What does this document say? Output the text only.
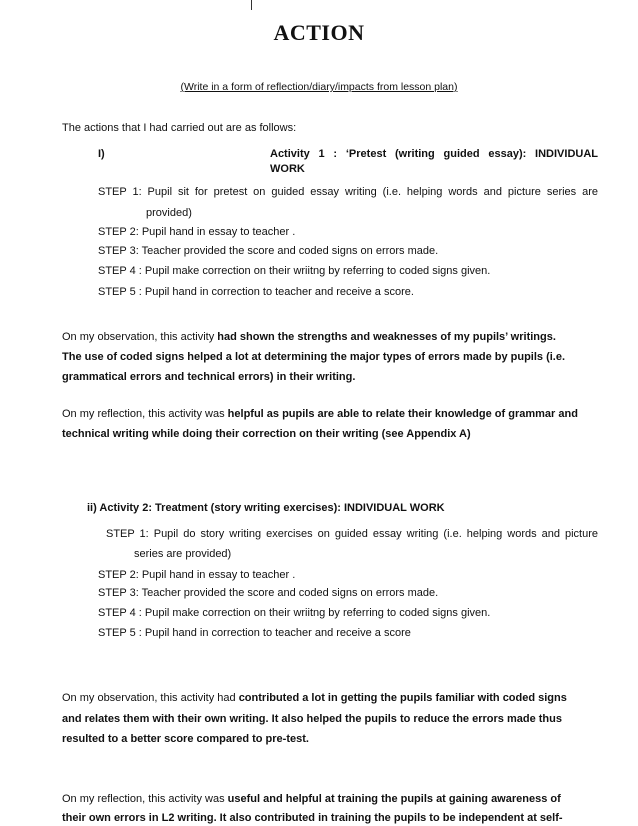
ACTION
(Write in a form of reflection/diary/impacts from lesson plan)
The actions that I had carried out are as follows:
I)	Activity 1 : ‘Pretest (writing guided essay): INDIVIDUAL
WORK
STEP 1: Pupil sit for pretest on guided essay writing (i.e. helping words and picture series are
provided)
STEP 2: Pupil hand in essay to teacher .
STEP 3: Teacher provided the score and coded signs on errors made.
STEP 4 : Pupil make correction on their wriitng by referring to coded signs given.
STEP 5 : Pupil hand in correction to teacher and receive a score.
On my observation, this activity had shown the strengths and weaknesses of my pupils’ writings.
The use of coded signs helped a lot at determining the major types of errors made by pupils (i.e.
grammatical errors and technical errors) in their writing.
On my reflection, this activity was helpful as pupils are able to relate their knowledge of grammar and
technical writing while doing their correction on their writing (see Appendix A)
ii) Activity 2: Treatment (story writing exercises): INDIVIDUAL WORK
STEP 1: Pupil do story writing exercises on guided essay writing (i.e. helping words and picture
series are provided)
STEP 2: Pupil hand in essay to teacher .
STEP 3: Teacher provided the score and coded signs on errors made.
STEP 4 : Pupil make correction on their wriitng by referring to coded signs given.
STEP 5 : Pupil hand in correction to teacher and receive a score
On my observation, this activity had contributed a lot in getting the pupils familiar with coded signs
and relates them with their own writing. It also helped the pupils to reduce the errors made thus
resulted to a better score compared to pre-test.
On my reflection, this activity was useful and helpful at training the pupils at gaining awareness of
their own errors in L2 writing. It also contributed in training the pupils to be independent at self-
